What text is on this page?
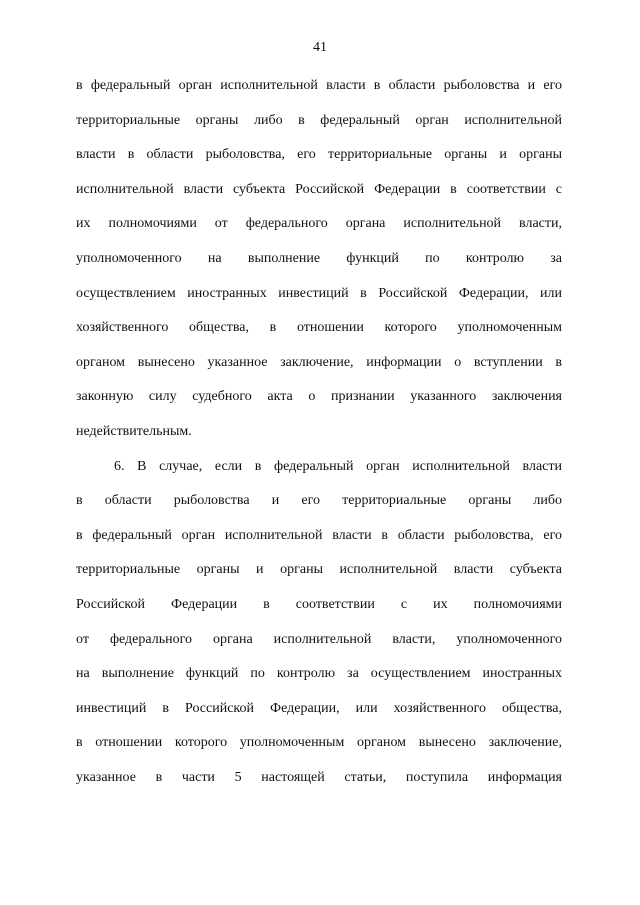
41
в федеральный орган исполнительной власти в области рыболовства и его
территориальные органы либо в федеральный орган исполнительной
власти в области рыболовства, его территориальные органы и органы
исполнительной власти субъекта Российской Федерации в соответствии с
их полномочиями от федерального органа исполнительной власти,
уполномоченного на выполнение функций по контролю за
осуществлением иностранных инвестиций в Российской Федерации, или
хозяйственного общества, в отношении которого уполномоченным
органом вынесено указанное заключение, информации о вступлении в
законную силу судебного акта о признании указанного заключения
недействительным.
6. В случае, если в федеральный орган исполнительной власти
в области рыболовства и его территориальные органы либо
в федеральный орган исполнительной власти в области рыболовства, его
территориальные органы и органы исполнительной власти субъекта
Российской Федерации в соответствии с их полномочиями
от федерального органа исполнительной власти, уполномоченного
на выполнение функций по контролю за осуществлением иностранных
инвестиций в Российской Федерации, или хозяйственного общества,
в отношении которого уполномоченным органом вынесено заключение,
указанное в части 5 настоящей статьи, поступила информация
